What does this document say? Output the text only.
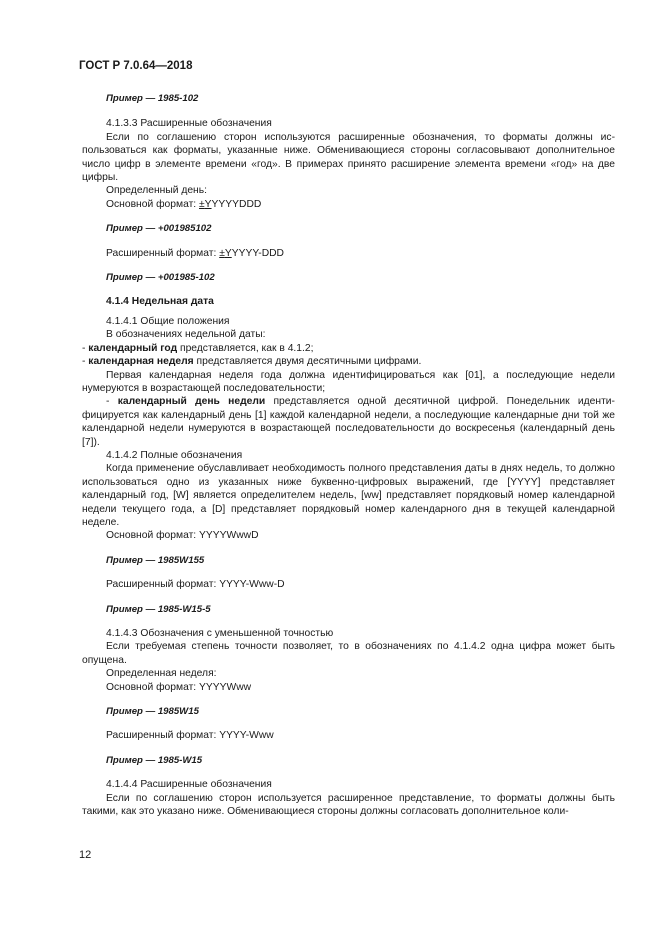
ГОСТ Р 7.0.64—2018

Пример — 1985-102

4.1.3.3 Расширенные обозначения

Если по соглашению сторон используются расширенные обозначения, то форматы должны использоваться как форматы, указанные ниже. Обменивающиеся стороны согласовывают дополнительное число цифр в элементе времени «год». В примерах принято расширение элемента времени «год» на две цифры.

Определенный день:

Основной формат: ±YYYYYDDD

Пример — +001985102

Расширенный формат: ±YYYYY-DDD

Пример — +001985-102

4.1.4 Недельная дата

4.1.4.1 Общие положения

В обозначениях недельной даты:

- календарный год представляется, как в 4.1.2;

- календарная неделя представляется двумя десятичными цифрами.

Первая календарная неделя года должна идентифицироваться как [01], а последующие недели нумеруются в возрастающей последовательности;

- календарный день недели представляется одной десятичной цифрой. Понедельник идентифицируется как календарный день [1] каждой календарной недели, а последующие календарные дни той же календарной недели нумеруются в возрастающей последовательности до воскресенья (календарный день [7]).

4.1.4.2 Полные обозначения

Когда применение обуславливает необходимость полного представления даты в днях недель, то должно использоваться одно из указанных ниже буквенно-цифровых выражений, где [YYYY] представляет календарный год, [W] является определителем недель, [ww] представляет порядковый номер календарной недели текущего года, а [D] представляет порядковый номер календарного дня в текущей календарной неделе.

Основной формат: YYYYWwwD

Пример — 1985W155

Расширенный формат: YYYY-Www-D

Пример — 1985-W15-5

4.1.4.3 Обозначения с уменьшенной точностью

Если требуемая степень точности позволяет, то в обозначениях по 4.1.4.2 одна цифра может быть опущена.

Определенная неделя:

Основной формат: YYYYWww

Пример — 1985W15

Расширенный формат: YYYY-Www

Пример — 1985-W15

4.1.4.4 Расширенные обозначения

Если по соглашению сторон используется расширенное представление, то форматы должны быть такими, как это указано ниже. Обменивающиеся стороны должны согласовать дополнительное коли-

12
